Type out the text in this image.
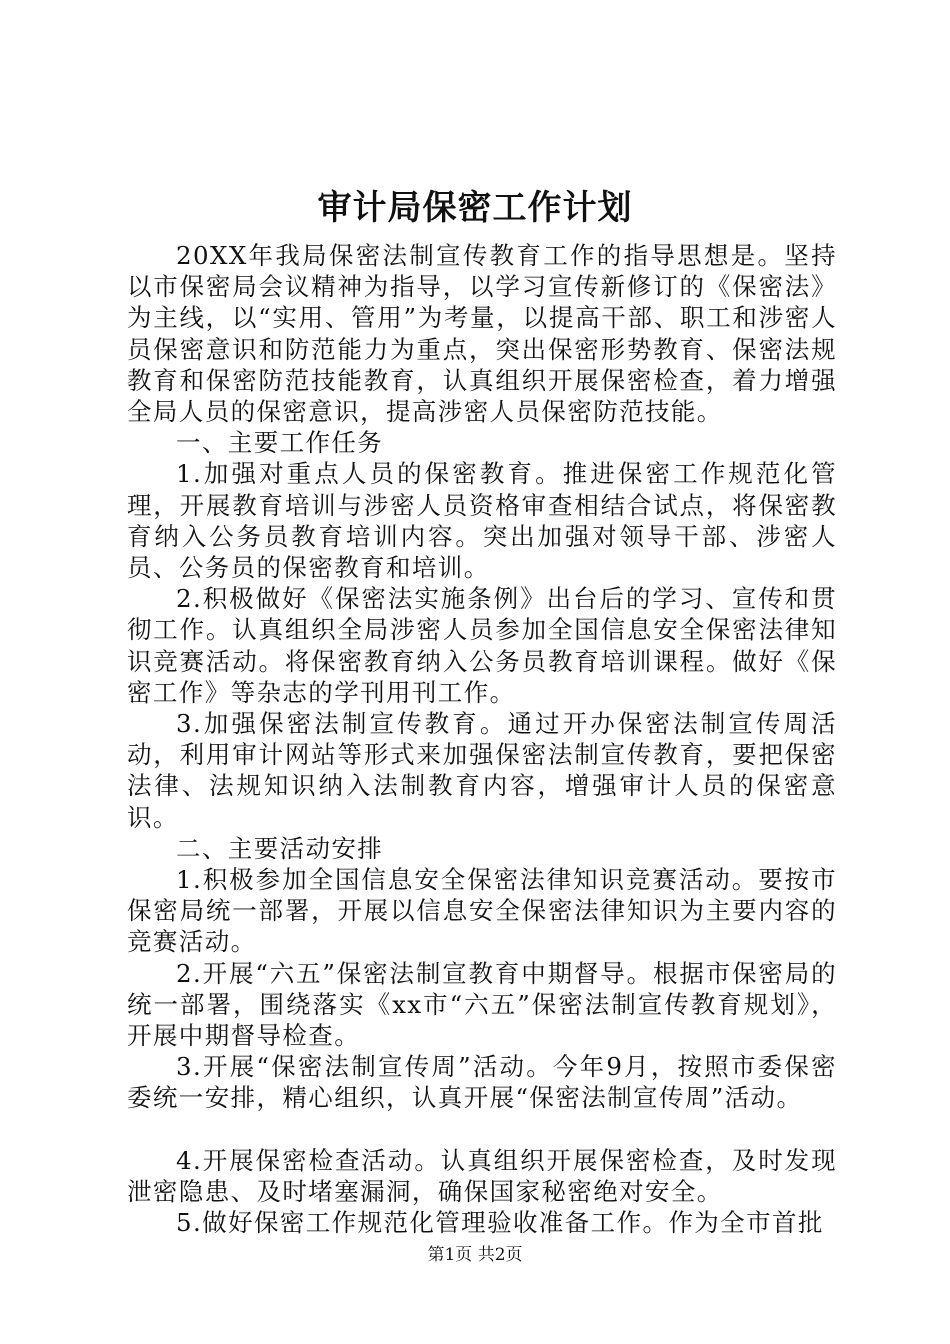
审计局保密工作计划

20XX年我局保密法制宣传教育工作的指导思想是。坚持以市保密局会议精神为指导，以学习宣传新修订的《保密法》为主线，以“实用、管用”为考量，以提高干部、职工和涉密人员保密意识和防范能力为重点，突出保密形势教育、保密法规教育和保密防范技能教育，认真组织开展保密检查，着力增强全局人员的保密意识，提高涉密人员保密防范技能。

一、主要工作任务

1.加强对重点人员的保密教育。推进保密工作规范化管理，开展教育培训与涉密人员资格审查相结合试点，将保密教育纳入公务员教育培训内容。突出加强对领导干部、涉密人员、公务员的保密教育和培训。

2.积极做好《保密法实施条例》出台后的学习、宣传和贯彻工作。认真组织全局涉密人员参加全国信息安全保密法律知识竞赛活动。将保密教育纳入公务员教育培训课程。做好《保密工作》等杂志的学刊用刊工作。

3.加强保密法制宣传教育。通过开办保密法制宣传周活动，利用审计网站等形式来加强保密法制宣传教育，要把保密法律、法规知识纳入法制教育内容，增强审计人员的保密意识。

二、主要活动安排

1.积极参加全国信息安全保密法律知识竞赛活动。要按市保密局统一部署，开展以信息安全保密法律知识为主要内容的竞赛活动。

2.开展“六五”保密法制宣教育中期督导。根据市保密局的统一部署，围绕落实《xx市“六五”保密法制宣传教育规划》，开展中期督导检查。

3.开展“保密法制宣传周”活动。今年9月，按照市委保密委统一安排，精心组织，认真开展“保密法制宣传周”活动。

4.开展保密检查活动。认真组织开展保密检查，及时发现泄密隐患、及时堵塞漏洞，确保国家秘密绝对安全。

5.做好保密工作规范化管理验收准备工作。作为全市首批

第1页 共2页
